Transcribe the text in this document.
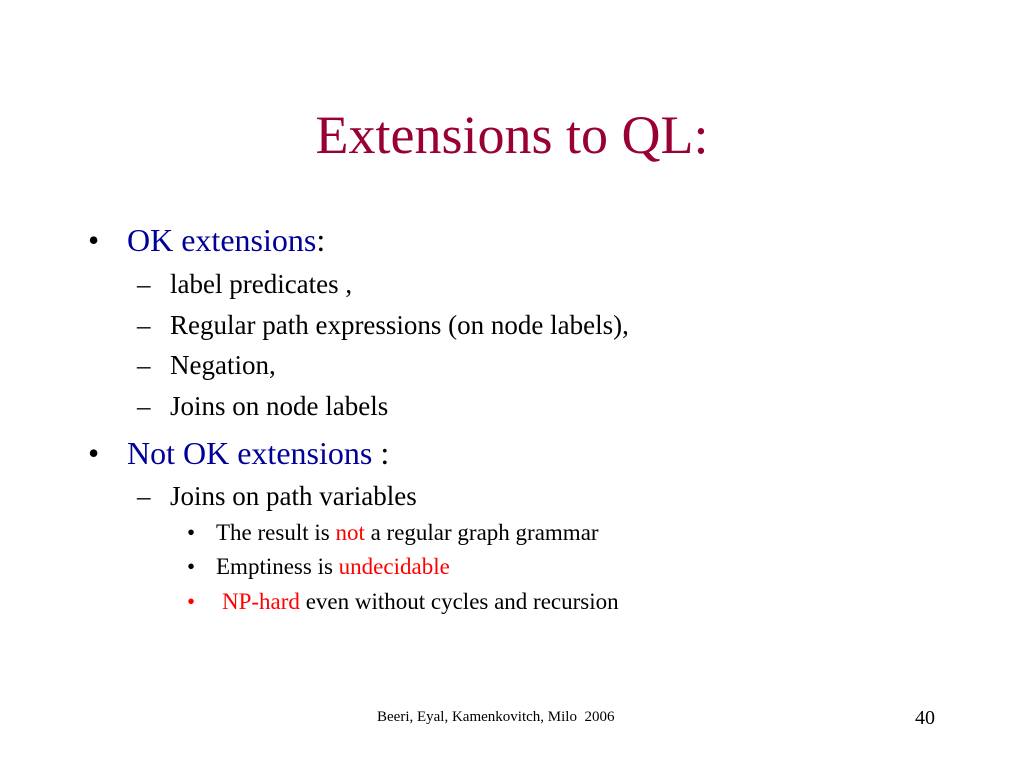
Extensions to QL:
• OK extensions:
– label predicates ,
– Regular path expressions (on node labels),
– Negation,
– Joins on node labels
• Not OK extensions :
– Joins on path variables
• The result is not a regular graph grammar
• Emptiness is undecidable
• NP-hard even without cycles and recursion
Beeri, Eyal, Kamenkovitch, Milo  2006	40
